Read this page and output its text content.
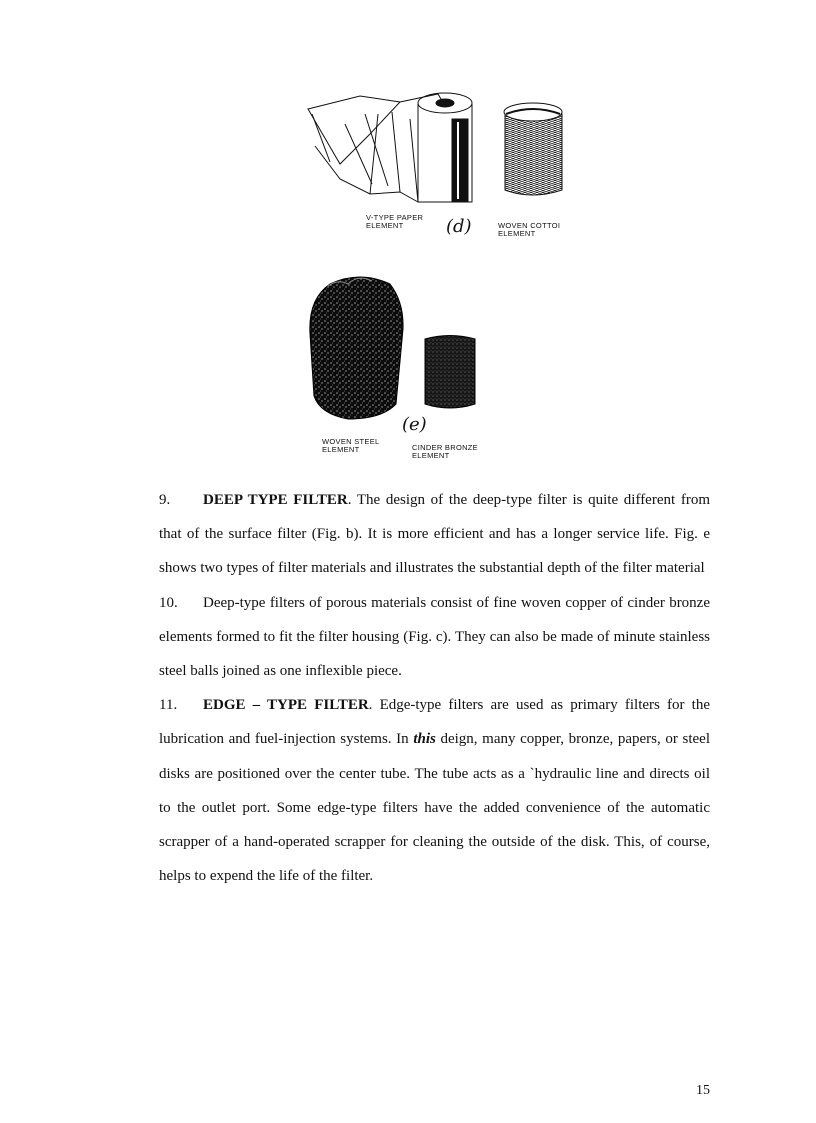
V-TYPE PAPER
ELEMENT	(d)	WOVEN COTTOI
ELEMENT
(e)
WOVEN STEEL
ELEMENT	CINDER BRONZE
ELEMENT

9. DEEP TYPE FILTER. The design of the deep-type filter is quite different from that of the surface filter (Fig. b). It is more efficient and has a longer service life. Fig. e shows two types of filter materials and illustrates the substantial depth of the filter material

10. Deep-type filters of porous materials consist of fine woven copper of cinder bronze elements formed to fit the filter housing (Fig. c). They can also be made of minute stainless steel balls joined as one inflexible piece.

11. EDGE – TYPE FILTER. Edge-type filters are used as primary filters for the lubrication and fuel-injection systems. In this deign, many copper, bronze, papers, or steel disks are positioned over the center tube. The tube acts as a `hydraulic line and directs oil to the outlet port. Some edge-type filters have the added convenience of the automatic scrapper of a hand-operated scrapper for cleaning the outside of the disk. This, of course, helps to expend the life of the filter.

15
